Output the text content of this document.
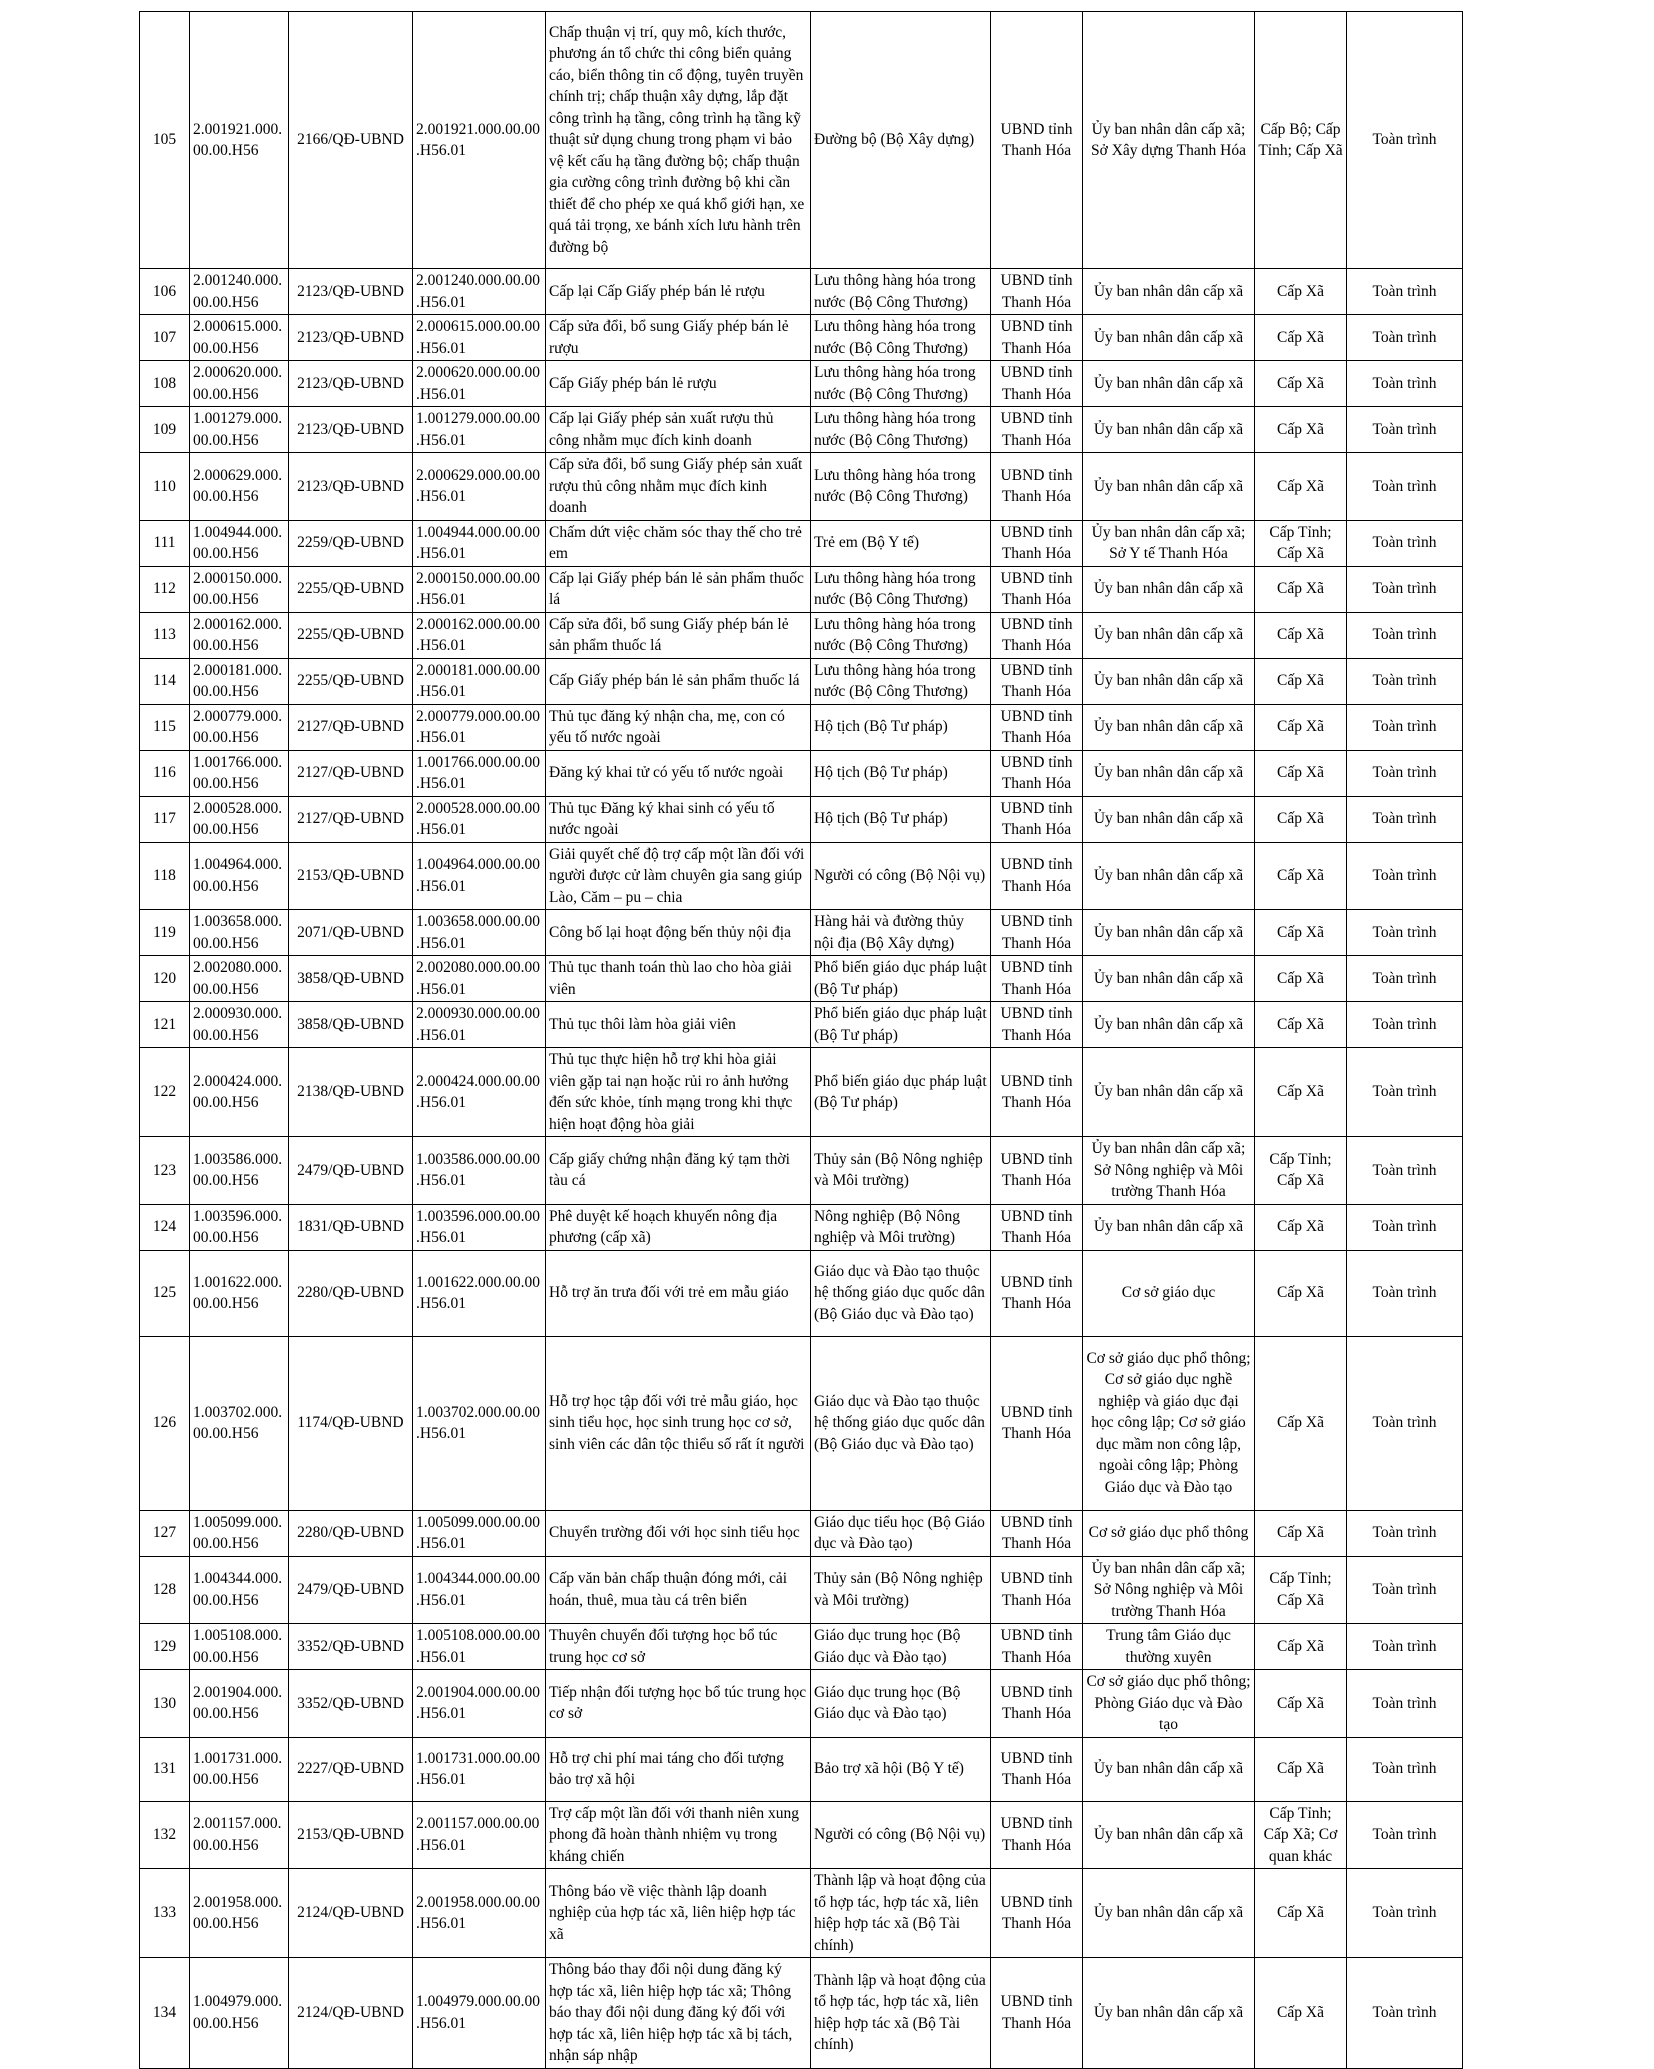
105	2.001921.000.00.00.H56	2166/QĐ-UBND	2.001921.000.00.00.H56.01	Chấp thuận vị trí, quy mô, kích thước, phương án tổ chức thi công biển quảng cáo, biển thông tin cổ động, tuyên truyền chính trị; chấp thuận xây dựng, lắp đặt công trình hạ tầng, công trình hạ tầng kỹ thuật sử dụng chung trong phạm vi bảo vệ kết cấu hạ tầng đường bộ; chấp thuận gia cường công trình đường bộ khi cần thiết để cho phép xe quá khổ giới hạn, xe quá tải trọng, xe bánh xích lưu hành trên đường bộ	Đường bộ (Bộ Xây dựng)	UBND tỉnh Thanh Hóa	Ủy ban nhân dân cấp xã; Sở Xây dựng Thanh Hóa	Cấp Bộ; Cấp Tỉnh; Cấp Xã	Toàn trình
106	2.001240.000.00.00.H56	2123/QĐ-UBND	2.001240.000.00.00.H56.01	Cấp lại Cấp Giấy phép bán lẻ rượu	Lưu thông hàng hóa trong nước (Bộ Công Thương)	UBND tỉnh Thanh Hóa	Ủy ban nhân dân cấp xã	Cấp Xã	Toàn trình
107	2.000615.000.00.00.H56	2123/QĐ-UBND	2.000615.000.00.00.H56.01	Cấp sửa đổi, bổ sung Giấy phép bán lẻ rượu	Lưu thông hàng hóa trong nước (Bộ Công Thương)	UBND tỉnh Thanh Hóa	Ủy ban nhân dân cấp xã	Cấp Xã	Toàn trình
108	2.000620.000.00.00.H56	2123/QĐ-UBND	2.000620.000.00.00.H56.01	Cấp Giấy phép bán lẻ rượu	Lưu thông hàng hóa trong nước (Bộ Công Thương)	UBND tỉnh Thanh Hóa	Ủy ban nhân dân cấp xã	Cấp Xã	Toàn trình
109	1.001279.000.00.00.H56	2123/QĐ-UBND	1.001279.000.00.00.H56.01	Cấp lại Giấy phép sản xuất rượu thủ công nhằm mục đích kinh doanh	Lưu thông hàng hóa trong nước (Bộ Công Thương)	UBND tỉnh Thanh Hóa	Ủy ban nhân dân cấp xã	Cấp Xã	Toàn trình
110	2.000629.000.00.00.H56	2123/QĐ-UBND	2.000629.000.00.00.H56.01	Cấp sửa đổi, bổ sung Giấy phép sản xuất rượu thủ công nhằm mục đích kinh doanh	Lưu thông hàng hóa trong nước (Bộ Công Thương)	UBND tỉnh Thanh Hóa	Ủy ban nhân dân cấp xã	Cấp Xã	Toàn trình
111	1.004944.000.00.00.H56	2259/QĐ-UBND	1.004944.000.00.00.H56.01	Chấm dứt việc chăm sóc thay thế cho trẻ em	Trẻ em (Bộ Y tế)	UBND tỉnh Thanh Hóa	Ủy ban nhân dân cấp xã; Sở Y tế Thanh Hóa	Cấp Tỉnh; Cấp Xã	Toàn trình
112	2.000150.000.00.00.H56	2255/QĐ-UBND	2.000150.000.00.00.H56.01	Cấp lại Giấy phép bán lẻ sản phẩm thuốc lá	Lưu thông hàng hóa trong nước (Bộ Công Thương)	UBND tỉnh Thanh Hóa	Ủy ban nhân dân cấp xã	Cấp Xã	Toàn trình
113	2.000162.000.00.00.H56	2255/QĐ-UBND	2.000162.000.00.00.H56.01	Cấp sửa đổi, bổ sung Giấy phép bán lẻ sản phẩm thuốc lá	Lưu thông hàng hóa trong nước (Bộ Công Thương)	UBND tỉnh Thanh Hóa	Ủy ban nhân dân cấp xã	Cấp Xã	Toàn trình
114	2.000181.000.00.00.H56	2255/QĐ-UBND	2.000181.000.00.00.H56.01	Cấp Giấy phép bán lẻ sản phẩm thuốc lá	Lưu thông hàng hóa trong nước (Bộ Công Thương)	UBND tỉnh Thanh Hóa	Ủy ban nhân dân cấp xã	Cấp Xã	Toàn trình
115	2.000779.000.00.00.H56	2127/QĐ-UBND	2.000779.000.00.00.H56.01	Thủ tục đăng ký nhận cha, mẹ, con có yếu tố nước ngoài	Hộ tịch (Bộ Tư pháp)	UBND tỉnh Thanh Hóa	Ủy ban nhân dân cấp xã	Cấp Xã	Toàn trình
116	1.001766.000.00.00.H56	2127/QĐ-UBND	1.001766.000.00.00.H56.01	Đăng ký khai tử có yếu tố nước ngoài	Hộ tịch (Bộ Tư pháp)	UBND tỉnh Thanh Hóa	Ủy ban nhân dân cấp xã	Cấp Xã	Toàn trình
117	2.000528.000.00.00.H56	2127/QĐ-UBND	2.000528.000.00.00.H56.01	Thủ tục Đăng ký khai sinh có yếu tố nước ngoài	Hộ tịch (Bộ Tư pháp)	UBND tỉnh Thanh Hóa	Ủy ban nhân dân cấp xã	Cấp Xã	Toàn trình
118	1.004964.000.00.00.H56	2153/QĐ-UBND	1.004964.000.00.00.H56.01	Giải quyết chế độ trợ cấp một lần đối với người được cử làm chuyên gia sang giúp Lào, Căm – pu – chia	Người có công (Bộ Nội vụ)	UBND tỉnh Thanh Hóa	Ủy ban nhân dân cấp xã	Cấp Xã	Toàn trình
119	1.003658.000.00.00.H56	2071/QĐ-UBND	1.003658.000.00.00.H56.01	Công bố lại hoạt động bến thủy nội địa	Hàng hải và đường thủy nội địa (Bộ Xây dựng)	UBND tỉnh Thanh Hóa	Ủy ban nhân dân cấp xã	Cấp Xã	Toàn trình
120	2.002080.000.00.00.H56	3858/QĐ-UBND	2.002080.000.00.00.H56.01	Thủ tục thanh toán thù lao cho hòa giải viên	Phổ biến giáo dục pháp luật (Bộ Tư pháp)	UBND tỉnh Thanh Hóa	Ủy ban nhân dân cấp xã	Cấp Xã	Toàn trình
121	2.000930.000.00.00.H56	3858/QĐ-UBND	2.000930.000.00.00.H56.01	Thủ tục thôi làm hòa giải viên	Phổ biến giáo dục pháp luật (Bộ Tư pháp)	UBND tỉnh Thanh Hóa	Ủy ban nhân dân cấp xã	Cấp Xã	Toàn trình
122	2.000424.000.00.00.H56	2138/QĐ-UBND	2.000424.000.00.00.H56.01	Thủ tục thực hiện hỗ trợ khi hòa giải viên gặp tai nạn hoặc rủi ro ảnh hưởng đến sức khỏe, tính mạng trong khi thực hiện hoạt động hòa giải	Phổ biến giáo dục pháp luật (Bộ Tư pháp)	UBND tỉnh Thanh Hóa	Ủy ban nhân dân cấp xã	Cấp Xã	Toàn trình
123	1.003586.000.00.00.H56	2479/QĐ-UBND	1.003586.000.00.00.H56.01	Cấp giấy chứng nhận đăng ký tạm thời tàu cá	Thủy sản (Bộ Nông nghiệp và Môi trường)	UBND tỉnh Thanh Hóa	Ủy ban nhân dân cấp xã; Sở Nông nghiệp và Môi trường Thanh Hóa	Cấp Tỉnh; Cấp Xã	Toàn trình
124	1.003596.000.00.00.H56	1831/QĐ-UBND	1.003596.000.00.00.H56.01	Phê duyệt kế hoạch khuyến nông địa phương (cấp xã)	Nông nghiệp (Bộ Nông nghiệp và Môi trường)	UBND tỉnh Thanh Hóa	Ủy ban nhân dân cấp xã	Cấp Xã	Toàn trình
125	1.001622.000.00.00.H56	2280/QĐ-UBND	1.001622.000.00.00.H56.01	Hỗ trợ ăn trưa đối với trẻ em mẫu giáo	Giáo dục và Đào tạo thuộc hệ thống giáo dục quốc dân (Bộ Giáo dục và Đào tạo)	UBND tỉnh Thanh Hóa	Cơ sở giáo dục	Cấp Xã	Toàn trình
126	1.003702.000.00.00.H56	1174/QĐ-UBND	1.003702.000.00.00.H56.01	Hỗ trợ học tập đối với trẻ mẫu giáo, học sinh tiểu học, học sinh trung học cơ sở, sinh viên các dân tộc thiểu số rất ít người	Giáo dục và Đào tạo thuộc hệ thống giáo dục quốc dân (Bộ Giáo dục và Đào tạo)	UBND tỉnh Thanh Hóa	Cơ sở giáo dục phổ thông; Cơ sở giáo dục nghề nghiệp và giáo dục đại học công lập; Cơ sở giáo dục mầm non công lập, ngoài công lập; Phòng Giáo dục và Đào tạo	Cấp Xã	Toàn trình
127	1.005099.000.00.00.H56	2280/QĐ-UBND	1.005099.000.00.00.H56.01	Chuyển trường đối với học sinh tiểu học	Giáo dục tiểu học (Bộ Giáo dục và Đào tạo)	UBND tỉnh Thanh Hóa	Cơ sở giáo dục phổ thông	Cấp Xã	Toàn trình
128	1.004344.000.00.00.H56	2479/QĐ-UBND	1.004344.000.00.00.H56.01	Cấp văn bản chấp thuận đóng mới, cải hoán, thuê, mua tàu cá trên biển	Thủy sản (Bộ Nông nghiệp và Môi trường)	UBND tỉnh Thanh Hóa	Ủy ban nhân dân cấp xã; Sở Nông nghiệp và Môi trường Thanh Hóa	Cấp Tỉnh; Cấp Xã	Toàn trình
129	1.005108.000.00.00.H56	3352/QĐ-UBND	1.005108.000.00.00.H56.01	Thuyên chuyển đối tượng học bổ túc trung học cơ sở	Giáo dục trung học (Bộ Giáo dục và Đào tạo)	UBND tỉnh Thanh Hóa	Trung tâm Giáo dục thường xuyên	Cấp Xã	Toàn trình
130	2.001904.000.00.00.H56	3352/QĐ-UBND	2.001904.000.00.00.H56.01	Tiếp nhận đối tượng học bổ túc trung học cơ sở	Giáo dục trung học (Bộ Giáo dục và Đào tạo)	UBND tỉnh Thanh Hóa	Cơ sở giáo dục phổ thông; Phòng Giáo dục và Đào tạo	Cấp Xã	Toàn trình
131	1.001731.000.00.00.H56	2227/QĐ-UBND	1.001731.000.00.00.H56.01	Hỗ trợ chi phí mai táng cho đối tượng bảo trợ xã hội	Bảo trợ xã hội (Bộ Y tế)	UBND tỉnh Thanh Hóa	Ủy ban nhân dân cấp xã	Cấp Xã	Toàn trình
132	2.001157.000.00.00.H56	2153/QĐ-UBND	2.001157.000.00.00.H56.01	Trợ cấp một lần đối với thanh niên xung phong đã hoàn thành nhiệm vụ trong kháng chiến	Người có công (Bộ Nội vụ)	UBND tỉnh Thanh Hóa	Ủy ban nhân dân cấp xã	Cấp Tỉnh; Cấp Xã; Cơ quan khác	Toàn trình
133	2.001958.000.00.00.H56	2124/QĐ-UBND	2.001958.000.00.00.H56.01	Thông báo về việc thành lập doanh nghiệp của hợp tác xã, liên hiệp hợp tác xã	Thành lập và hoạt động của tổ hợp tác, hợp tác xã, liên hiệp hợp tác xã (Bộ Tài chính)	UBND tỉnh Thanh Hóa	Ủy ban nhân dân cấp xã	Cấp Xã	Toàn trình
134	1.004979.000.00.00.H56	2124/QĐ-UBND	1.004979.000.00.00.H56.01	Thông báo thay đổi nội dung đăng ký hợp tác xã, liên hiệp hợp tác xã; Thông báo thay đổi nội dung đăng ký đối với hợp tác xã, liên hiệp hợp tác xã bị tách, nhận sáp nhập	Thành lập và hoạt động của tổ hợp tác, hợp tác xã, liên hiệp hợp tác xã (Bộ Tài chính)	UBND tỉnh Thanh Hóa	Ủy ban nhân dân cấp xã	Cấp Xã	Toàn trình
